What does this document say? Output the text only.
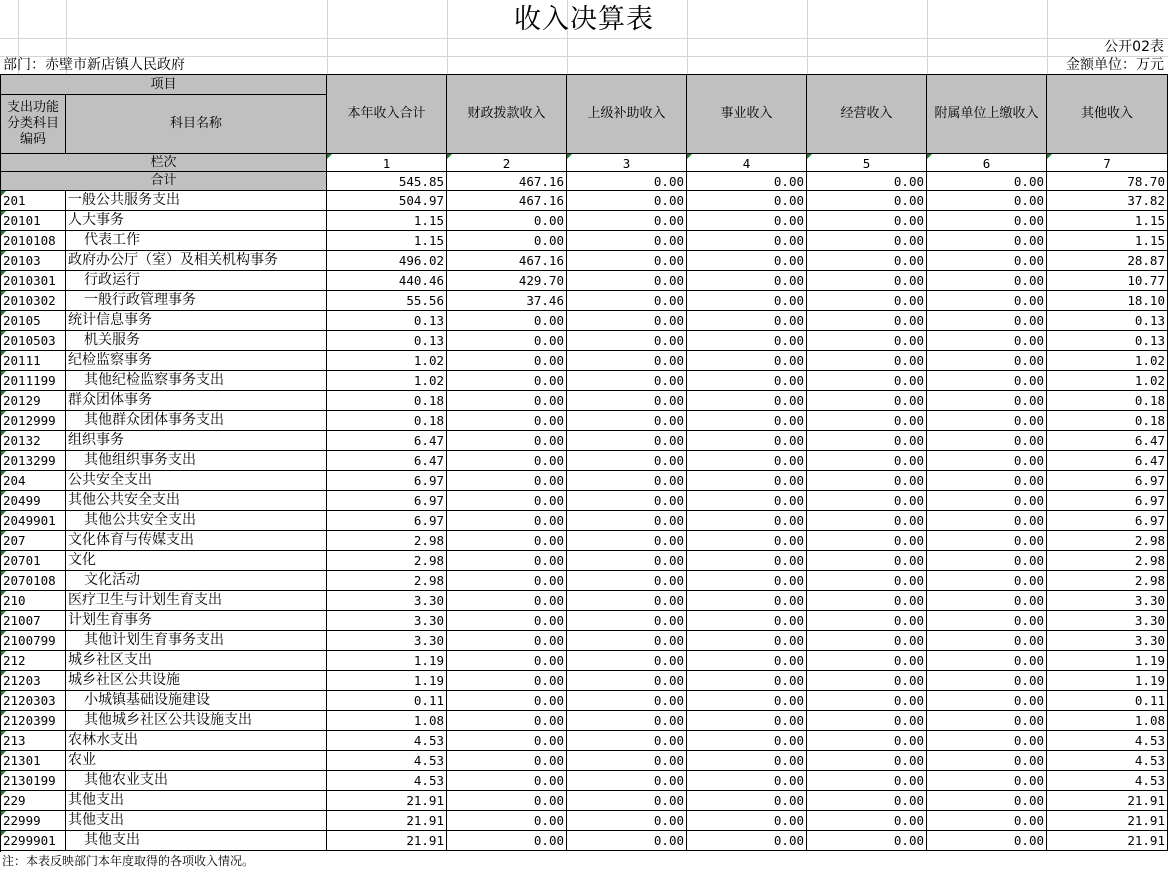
收入决算表
公开02表
部门：赤壁市新店镇人民政府	金额单位：万元
项目
支出功能分类科目编码
科目名称
本年收入合计	财政拨款收入	上级补助收入	事业收入	经营收入	附属单位上缴收入	其他收入
栏次	1	2	3	4	5	6	7
合计	545.85	467.16	0.00	0.00	0.00	0.00	78.70
201	一般公共服务支出	504.97	467.16	0.00	0.00	0.00	0.00	37.82
20101	人大事务	1.15	0.00	0.00	0.00	0.00	0.00	1.15
2010108	代表工作	1.15	0.00	0.00	0.00	0.00	0.00	1.15
20103	政府办公厅（室）及相关机构事务	496.02	467.16	0.00	0.00	0.00	0.00	28.87
2010301	行政运行	440.46	429.70	0.00	0.00	0.00	0.00	10.77
2010302	一般行政管理事务	55.56	37.46	0.00	0.00	0.00	0.00	18.10
20105	统计信息事务	0.13	0.00	0.00	0.00	0.00	0.00	0.13
2010503	机关服务	0.13	0.00	0.00	0.00	0.00	0.00	0.13
20111	纪检监察事务	1.02	0.00	0.00	0.00	0.00	0.00	1.02
2011199	其他纪检监察事务支出	1.02	0.00	0.00	0.00	0.00	0.00	1.02
20129	群众团体事务	0.18	0.00	0.00	0.00	0.00	0.00	0.18
2012999	其他群众团体事务支出	0.18	0.00	0.00	0.00	0.00	0.00	0.18
20132	组织事务	6.47	0.00	0.00	0.00	0.00	0.00	6.47
2013299	其他组织事务支出	6.47	0.00	0.00	0.00	0.00	0.00	6.47
204	公共安全支出	6.97	0.00	0.00	0.00	0.00	0.00	6.97
20499	其他公共安全支出	6.97	0.00	0.00	0.00	0.00	0.00	6.97
2049901	其他公共安全支出	6.97	0.00	0.00	0.00	0.00	0.00	6.97
207	文化体育与传媒支出	2.98	0.00	0.00	0.00	0.00	0.00	2.98
20701	文化	2.98	0.00	0.00	0.00	0.00	0.00	2.98
2070108	文化活动	2.98	0.00	0.00	0.00	0.00	0.00	2.98
210	医疗卫生与计划生育支出	3.30	0.00	0.00	0.00	0.00	0.00	3.30
21007	计划生育事务	3.30	0.00	0.00	0.00	0.00	0.00	3.30
2100799	其他计划生育事务支出	3.30	0.00	0.00	0.00	0.00	0.00	3.30
212	城乡社区支出	1.19	0.00	0.00	0.00	0.00	0.00	1.19
21203	城乡社区公共设施	1.19	0.00	0.00	0.00	0.00	0.00	1.19
2120303	小城镇基础设施建设	0.11	0.00	0.00	0.00	0.00	0.00	0.11
2120399	其他城乡社区公共设施支出	1.08	0.00	0.00	0.00	0.00	0.00	1.08
213	农林水支出	4.53	0.00	0.00	0.00	0.00	0.00	4.53
21301	农业	4.53	0.00	0.00	0.00	0.00	0.00	4.53
2130199	其他农业支出	4.53	0.00	0.00	0.00	0.00	0.00	4.53
229	其他支出	21.91	0.00	0.00	0.00	0.00	0.00	21.91
22999	其他支出	21.91	0.00	0.00	0.00	0.00	0.00	21.91
2299901	其他支出	21.91	0.00	0.00	0.00	0.00	0.00	21.91
注：本表反映部门本年度取得的各项收入情况。
